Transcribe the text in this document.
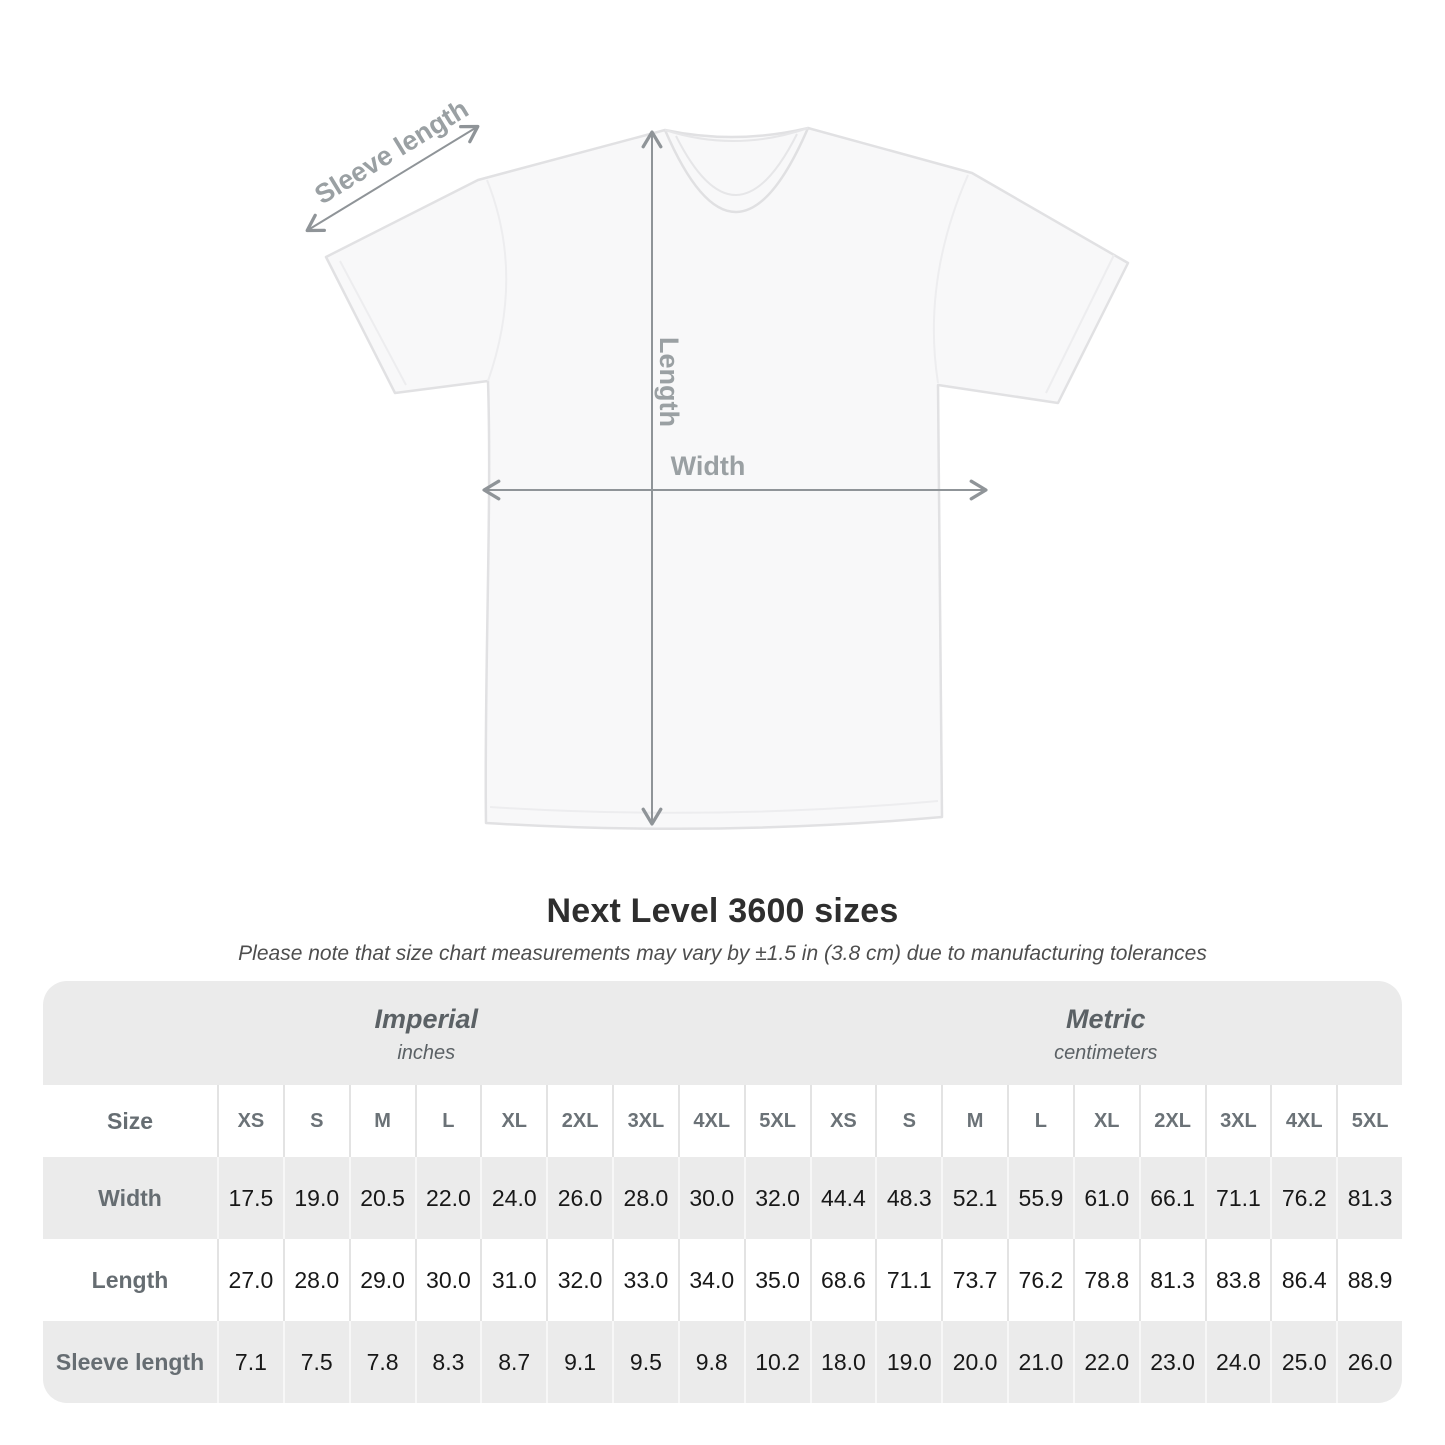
Sleeve length
Length
Width
Next Level 3600 sizes
Please note that size chart measurements may vary by ±1.5 in (3.8 cm) due to manufacturing tolerances
Imperial
inches
Metric
centimeters
Size	XS	S	M	L	XL	2XL	3XL	4XL	5XL	XS	S	M	L	XL	2XL	3XL	4XL	5XL
Width	17.5 19.0 20.5 22.0 24.0 26.0 28.0 30.0 32.0 44.4 48.3 52.1 55.9 61.0 66.1 71.1 76.2 81.3
Length	27.0 28.0 29.0 30.0 31.0 32.0 33.0 34.0 35.0 68.6 71.1 73.7 76.2 78.8 81.3 83.8 86.4 88.9
Sleeve length	7.1	7.5	7.8	8.3	8.7	9.1	9.5	9.8	10.2 18.0 19.0 20.0 21.0 22.0 23.0 24.0 25.0 26.0
